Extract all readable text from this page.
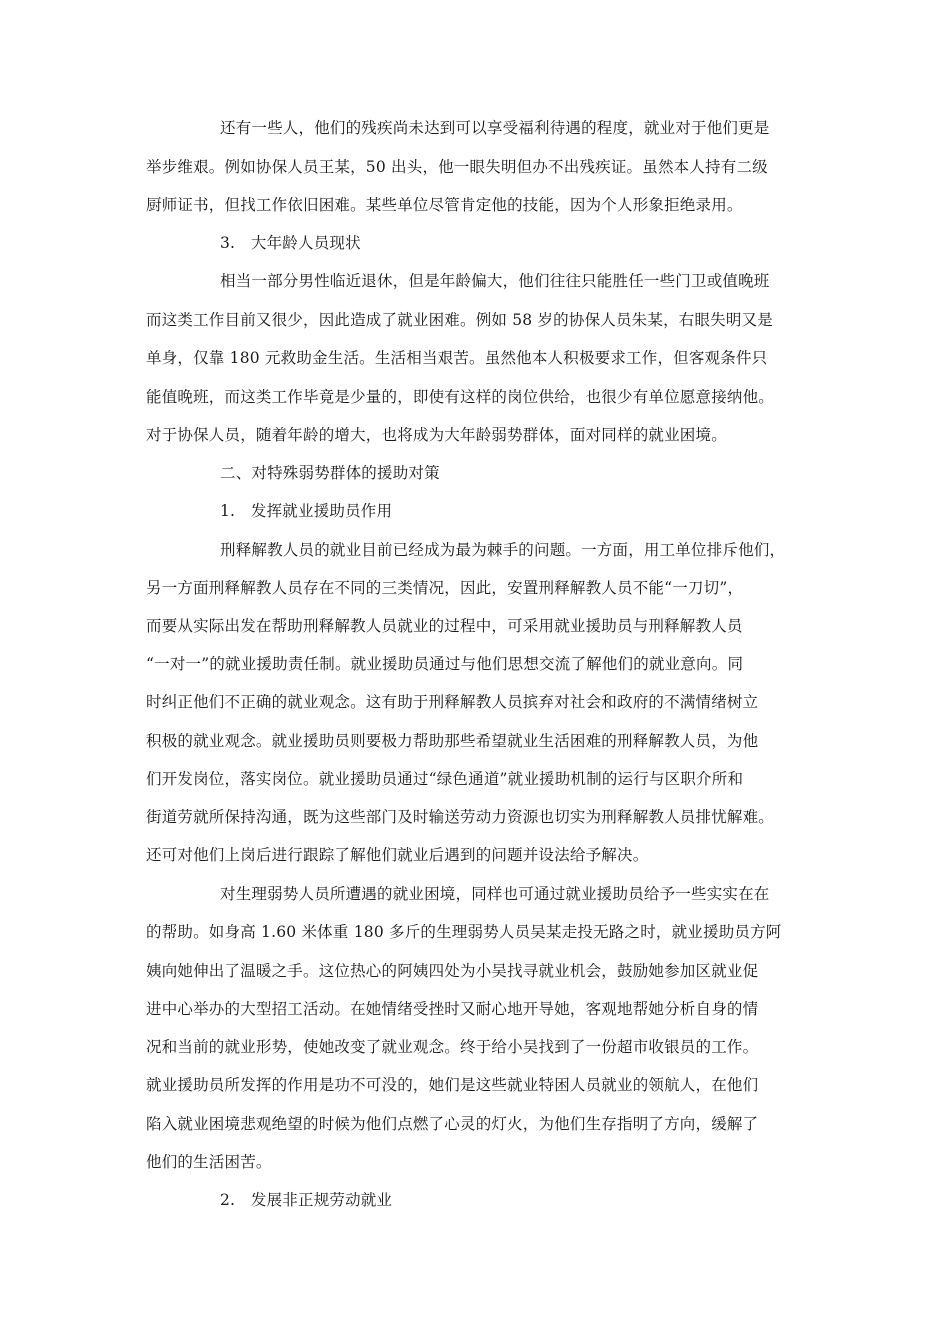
还有一些人，他们的残疾尚未达到可以享受福利待遇的程度，就业对于他们更是
举步维艰。例如协保人员王某，50 出头，他一眼失明但办不出残疾证。虽然本人持有二级
厨师证书，但找工作依旧困难。某些单位尽管肯定他的技能，因为个人形象拒绝录用。
3.　大年龄人员现状
相当一部分男性临近退休，但是年龄偏大，他们往往只能胜任一些门卫或值晚班
而这类工作目前又很少，因此造成了就业困难。例如 58 岁的协保人员朱某，右眼失明又是
单身，仅靠 180 元救助金生活。生活相当艰苦。虽然他本人积极要求工作，但客观条件只
能值晚班，而这类工作毕竟是少量的，即使有这样的岗位供给，也很少有单位愿意接纳他。
对于协保人员，随着年龄的增大，也将成为大年龄弱势群体，面对同样的就业困境。
二、对特殊弱势群体的援助对策
1.　发挥就业援助员作用
刑释解教人员的就业目前已经成为最为棘手的问题。一方面，用工单位排斥他们，
另一方面刑释解教人员存在不同的三类情况，因此，安置刑释解教人员不能“一刀切”，
而要从实际出发在帮助刑释解教人员就业的过程中，可采用就业援助员与刑释解教人员
“一对一”的就业援助责任制。就业援助员通过与他们思想交流了解他们的就业意向。同
时纠正他们不正确的就业观念。这有助于刑释解教人员摈弃对社会和政府的不满情绪树立
积极的就业观念。就业援助员则要极力帮助那些希望就业生活困难的刑释解教人员，为他
们开发岗位，落实岗位。就业援助员通过“绿色通道”就业援助机制的运行与区职介所和
街道劳就所保持沟通，既为这些部门及时输送劳动力资源也切实为刑释解教人员排忧解难。
还可对他们上岗后进行跟踪了解他们就业后遇到的问题并设法给予解决。
对生理弱势人员所遭遇的就业困境，同样也可通过就业援助员给予一些实实在在
的帮助。如身高 1.60 米体重 180 多斤的生理弱势人员吴某走投无路之时，就业援助员方阿
姨向她伸出了温暖之手。这位热心的阿姨四处为小吴找寻就业机会，鼓励她参加区就业促
进中心举办的大型招工活动。在她情绪受挫时又耐心地开导她，客观地帮她分析自身的情
况和当前的就业形势，使她改变了就业观念。终于给小吴找到了一份超市收银员的工作。
就业援助员所发挥的作用是功不可没的，她们是这些就业特困人员就业的领航人，在他们
陷入就业困境悲观绝望的时候为他们点燃了心灵的灯火，为他们生存指明了方向，缓解了
他们的生活困苦。
2.　发展非正规劳动就业
